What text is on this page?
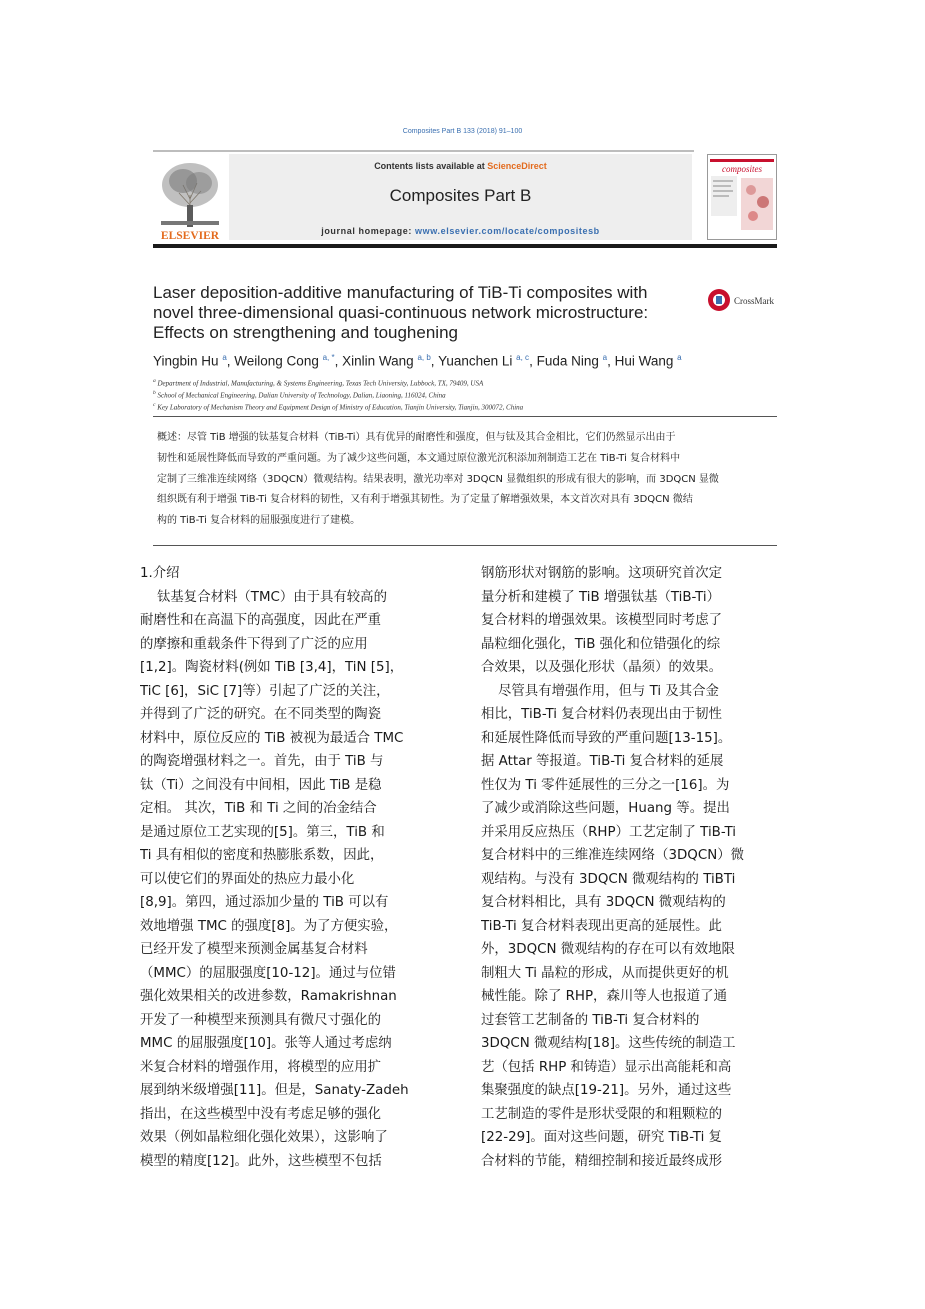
Composites Part B 133 (2018) 91–100
ELSEVIER
Contents lists available at ScienceDirect
Composites Part B
journal homepage: www.elsevier.com/locate/compositesb
composites
Laser deposition-additive manufacturing of TiB-Ti composites with
novel three-dimensional quasi-continuous network microstructure:
Effects on strengthening and toughening
CrossMark
Yingbin Hu $^a$, Weilong Cong $^{a, *}$, Xinlin Wang $^{a, b}$, Yuanchen Li $^{a, c}$, Fuda Ning $^a$, Hui Wang $^a$
$^a$ Department of Industrial, Manufacturing, & Systems Engineering, Texas Tech University, Lubbock, TX, 79409, USA
$^b$ School of Mechanical Engineering, Dalian University of Technology, Dalian, Liaoning, 116024, China
$^c$ Key Laboratory of Mechanism Theory and Equipment Design of Ministry of Education, Tianjin University, Tianjin, 300072, China
概述：尽管 TiB 增强的钛基复合材料（TiB-Ti）具有优异的耐磨性和强度，但与钛及其合金相比，它们仍然显示出由于
韧性和延展性降低而导致的严重问题。为了减少这些问题，本文通过原位激光沉积添加剂制造工艺在 TiB-Ti 复合材料中
定制了三维准连续网络（3DQCN）微观结构。结果表明，激光功率对 3DQCN 显微组织的形成有很大的影响，而 3DQCN 显微
组织既有利于增强 TiB-Ti 复合材料的韧性，又有利于增强其韧性。为了定量了解增强效果，本文首次对具有 3DQCN 微结
构的 TiB-Ti 复合材料的屈服强度进行了建模。

1.介绍

钛基复合材料（TMC）由于具有较高的
耐磨性和在高温下的高强度，因此在严重
的摩擦和重载条件下得到了广泛的应用
[1,2]。陶瓷材料(例如 TiB [3,4]，TiN [5]，
TiC [6]，SiC [7]等）引起了广泛的关注，
并得到了广泛的研究。在不同类型的陶瓷
材料中，原位反应的 TiB 被视为最适合 TMC
的陶瓷增强材料之一。首先，由于 TiB 与
钛（Ti）之间没有中间相，因此 TiB 是稳
定相。 其次，TiB 和 Ti 之间的冶金结合
是通过原位工艺实现的[5]。第三，TiB 和
Ti 具有相似的密度和热膨胀系数，因此，
可以使它们的界面处的热应力最小化
[8,9]。第四，通过添加少量的 TiB 可以有
效地增强 TMC 的强度[8]。为了方便实验，
已经开发了模型来预测金属基复合材料
（MMC）的屈服强度[10-12]。通过与位错
强化效果相关的改进参数，Ramakrishnan
开发了一种模型来预测具有微尺寸强化的
MMC 的屈服强度[10]。张等人通过考虑纳
米复合材料的增强作用，将模型的应用扩
展到纳米级增强[11]。但是，Sanaty-Zadeh
指出，在这些模型中没有考虑足够的强化
效果（例如晶粒细化强化效果），这影响了
模型的精度[12]。此外，这些模型不包括
钢筋形状对钢筋的影响。这项研究首次定
量分析和建模了 TiB 增强钛基（TiB-Ti）
复合材料的增强效果。该模型同时考虑了
晶粒细化强化，TiB 强化和位错强化的综
合效果，以及强化形状（晶须）的效果。
尽管具有增强作用，但与 Ti 及其合金
相比，TiB-Ti 复合材料仍表现出由于韧性
和延展性降低而导致的严重问题[13-15]。
据 Attar 等报道。TiB-Ti 复合材料的延展
性仅为 Ti 零件延展性的三分之一[16]。为
了减少或消除这些问题，Huang 等。提出
并采用反应热压（RHP）工艺定制了 TiB-Ti
复合材料中的三维准连续网络（3DQCN）微
观结构。与没有 3DQCN 微观结构的 TiBTi
复合材料相比，具有 3DQCN 微观结构的
TiB-Ti 复合材料表现出更高的延展性。此
外，3DQCN 微观结构的存在可以有效地限
制粗大 Ti 晶粒的形成，从而提供更好的机
械性能。除了 RHP，森川等人也报道了通
过套管工艺制备的 TiB-Ti 复合材料的
3DQCN 微观结构[18]。这些传统的制造工
艺（包括 RHP 和铸造）显示出高能耗和高
集聚强度的缺点[19-21]。另外，通过这些
工艺制造的零件是形状受限的和粗颗粒的
[22-29]。面对这些问题，研究 TiB-Ti 复
合材料的节能，精细控制和接近最终成形
